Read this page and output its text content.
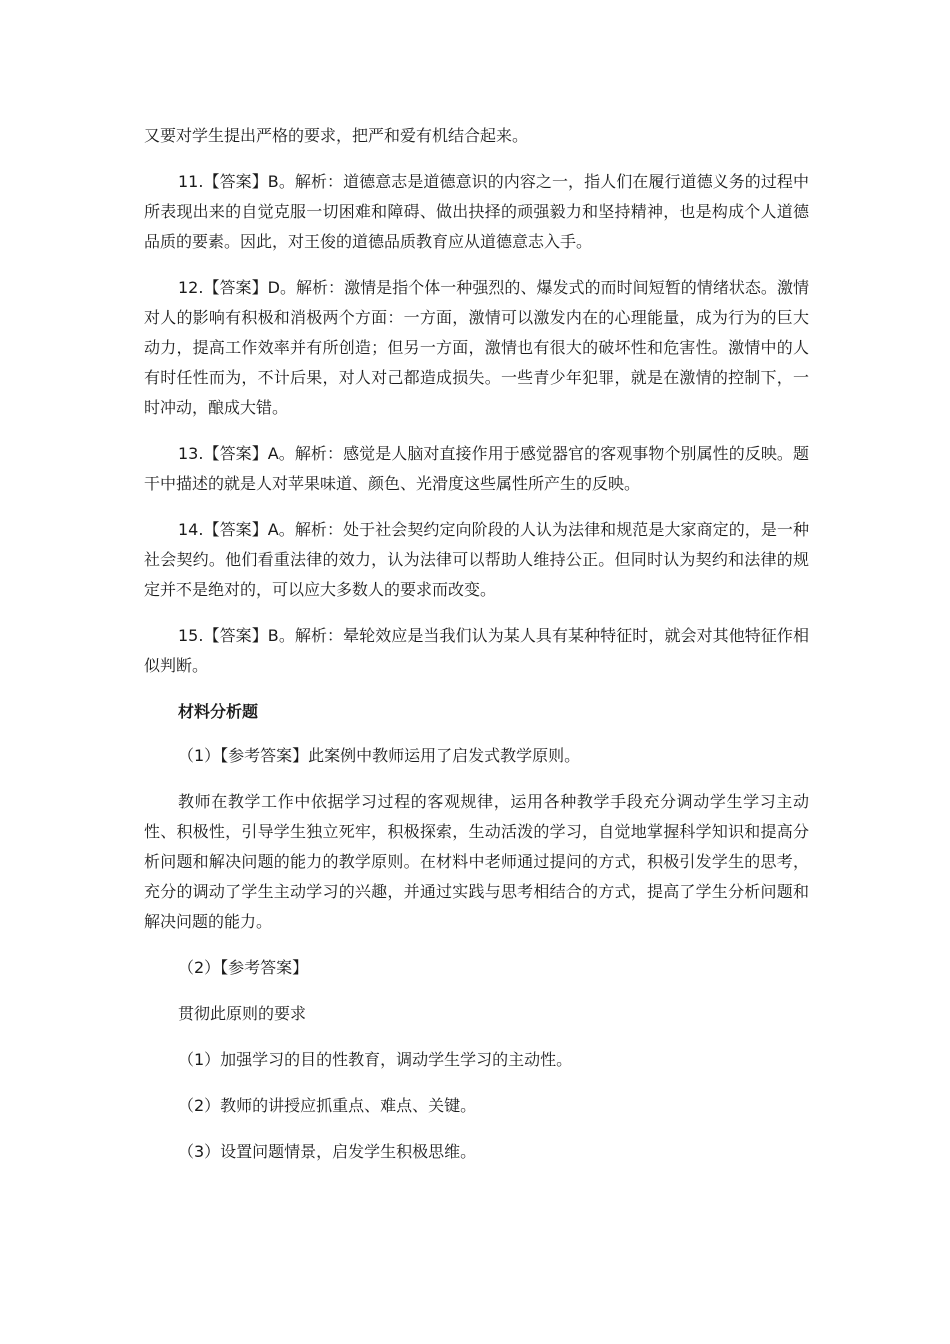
又要对学生提出严格的要求，把严和爱有机结合起来。

11.【答案】B。解析：道德意志是道德意识的内容之一，指人们在履行道德义务的过程中所表现出来的自觉克服一切困难和障碍、做出抉择的顽强毅力和坚持精神，也是构成个人道德品质的要素。因此，对王俊的道德品质教育应从道德意志入手。

12.【答案】D。解析：激情是指个体一种强烈的、爆发式的而时间短暂的情绪状态。激情对人的影响有积极和消极两个方面：一方面，激情可以激发内在的心理能量，成为行为的巨大动力，提高工作效率并有所创造；但另一方面，激情也有很大的破坏性和危害性。激情中的人有时任性而为，不计后果，对人对己都造成损失。一些青少年犯罪，就是在激情的控制下，一时冲动，酿成大错。

13.【答案】A。解析：感觉是人脑对直接作用于感觉器官的客观事物个别属性的反映。题干中描述的就是人对苹果味道、颜色、光滑度这些属性所产生的反映。

14.【答案】A。解析：处于社会契约定向阶段的人认为法律和规范是大家商定的，是一种社会契约。他们看重法律的效力，认为法律可以帮助人维持公正。但同时认为契约和法律的规定并不是绝对的，可以应大多数人的要求而改变。

15.【答案】B。解析：晕轮效应是当我们认为某人具有某种特征时，就会对其他特征作相似判断。

材料分析题

（1）【参考答案】此案例中教师运用了启发式教学原则。

教师在教学工作中依据学习过程的客观规律，运用各种教学手段充分调动学生学习主动性、积极性，引导学生独立死牢，积极探索，生动活泼的学习，自觉地掌握科学知识和提高分析问题和解决问题的能力的教学原则。在材料中老师通过提问的方式，积极引发学生的思考，充分的调动了学生主动学习的兴趣，并通过实践与思考相结合的方式，提高了学生分析问题和解决问题的能力。

（2）【参考答案】

贯彻此原则的要求

（1）加强学习的目的性教育，调动学生学习的主动性。

（2）教师的讲授应抓重点、难点、关键。

（3）设置问题情景，启发学生积极思维。
